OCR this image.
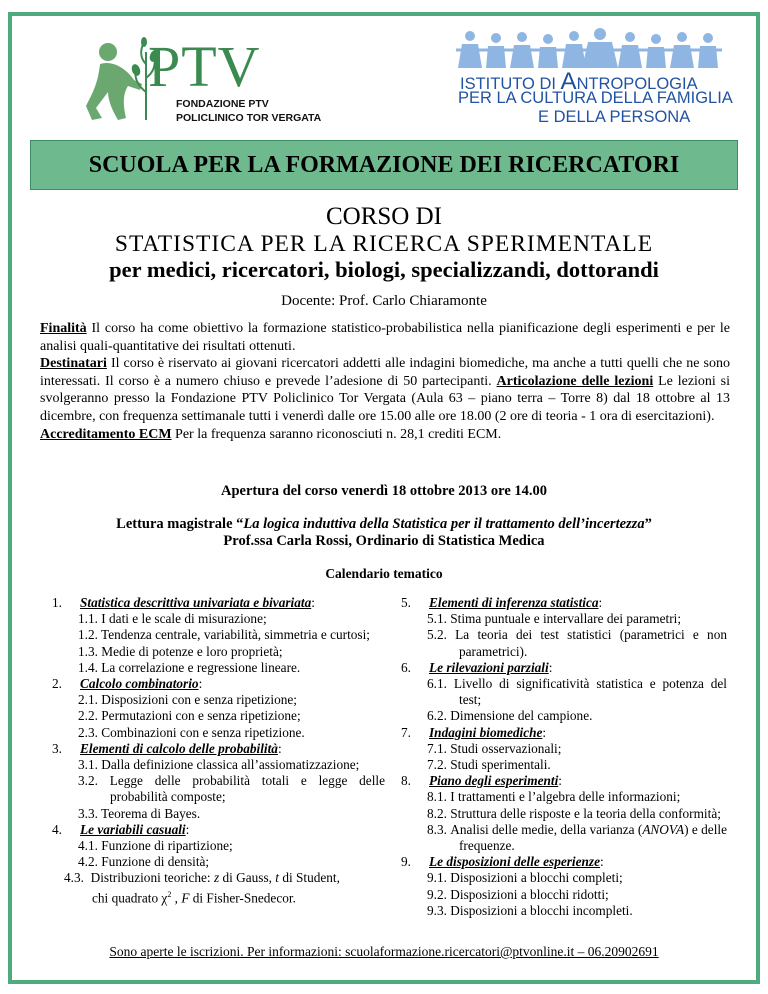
PTV
FONDAZIONE PTV
POLICLINICO TOR VERGATA
ISTITUTO DI ANTROPOLOGIA
PER LA CULTURA DELLA FAMIGLIA
E DELLA PERSONA
SCUOLA PER LA FORMAZIONE DEI RICERCATORI
CORSO DI
STATISTICA PER LA RICERCA SPERIMENTALE
per medici, ricercatori, biologi, specializzandi, dottorandi
Docente: Prof. Carlo Chiaramonte
Finalità Il corso ha come obiettivo la formazione statistico-probabilistica nella pianificazione degli esperimenti e per le analisi quali-quantitative dei risultati ottenuti.
Destinatari Il corso è riservato ai giovani ricercatori addetti alle indagini biomediche, ma anche a tutti quelli che ne sono interessati. Il corso è a numero chiuso e prevede l’adesione di 50 partecipanti. Articolazione delle lezioni Le lezioni si svolgeranno presso la Fondazione PTV Policlinico Tor Vergata (Aula 63 – piano terra – Torre 8) dal 18 ottobre al 13 dicembre, con frequenza settimanale tutti i venerdì dalle ore 15.00 alle ore 18.00 (2 ore di teoria - 1 ora di esercitazioni).
Accreditamento ECM Per la frequenza saranno riconosciuti n. 28,1 crediti ECM.
Apertura del corso venerdì 18 ottobre 2013 ore 14.00
Lettura magistrale “La logica induttiva della Statistica per il trattamento dell’incertezza”
Prof.ssa Carla Rossi, Ordinario di Statistica Medica
Calendario tematico
1. Statistica descrittiva univariata e bivariata:
1.1. I dati e le scale di misurazione;
1.2. Tendenza centrale, variabilità, simmetria e curtosi;
1.3. Medie di potenze e loro proprietà;
1.4. La correlazione e regressione lineare.
2. Calcolo combinatorio:
2.1. Disposizioni con e senza ripetizione;
2.2. Permutazioni con e senza ripetizione;
2.3. Combinazioni con e senza ripetizione.
3. Elementi di calcolo delle probabilità:
3.1. Dalla definizione classica all’assiomatizzazione;
3.2. Legge delle probabilità totali e legge delle probabilità composte;
3.3. Teorema di Bayes.
4. Le variabili casuali:
4.1. Funzione di ripartizione;
4.2. Funzione di densità;
4.3. Distribuzioni teoriche: z di Gauss, t di Student,
chi quadrato $\chi^2$ , F di Fisher-Snedecor.
5. Elementi di inferenza statistica:
5.1. Stima puntuale e intervallare dei parametri;
5.2. La teoria dei test statistici (parametrici e non parametrici).
6. Le rilevazioni parziali:
6.1. Livello di significatività statistica e potenza del test;
6.2. Dimensione del campione.
7. Indagini biomediche:
7.1. Studi osservazionali;
7.2. Studi sperimentali.
8. Piano degli esperimenti:
8.1. I trattamenti e l’algebra delle informazioni;
8.2. Struttura delle risposte e la teoria della conformità;
8.3. Analisi delle medie, della varianza (ANOVA) e delle frequenze.
9. Le disposizioni delle esperienze:
9.1. Disposizioni a blocchi completi;
9.2. Disposizioni a blocchi ridotti;
9.3. Disposizioni a blocchi incompleti.
Sono aperte le iscrizioni. Per informazioni: scuolaformazione.ricercatori@ptvonline.it – 06.20902691
